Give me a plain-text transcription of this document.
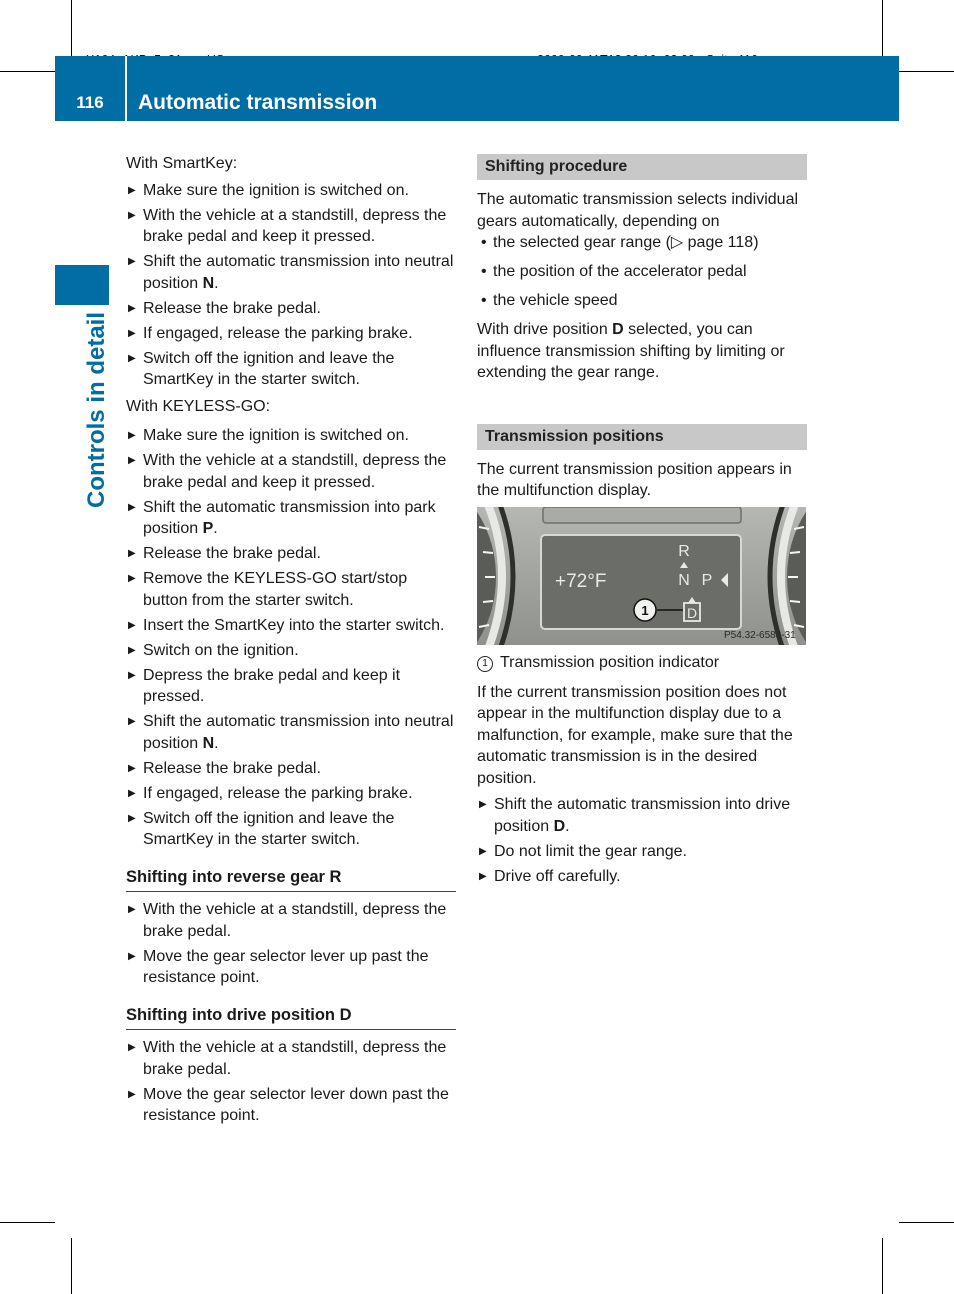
116	Automatic transmission
Controls in detail

With SmartKey:

▶ Make sure the ignition is switched on.
▶ With the vehicle at a standstill, depress the brake pedal and keep it pressed.
▶ Shift the automatic transmission into neutral position N.
▶ Release the brake pedal.
▶ If engaged, release the parking brake.
▶ Switch off the ignition and leave the SmartKey in the starter switch.

With KEYLESS-GO:

▶ Make sure the ignition is switched on.
▶ With the vehicle at a standstill, depress the brake pedal and keep it pressed.
▶ Shift the automatic transmission into park position P.
▶ Release the brake pedal.
▶ Remove the KEYLESS-GO start/stop button from the starter switch.
▶ Insert the SmartKey into the starter switch.
▶ Switch on the ignition.
▶ Depress the brake pedal and keep it pressed.
▶ Shift the automatic transmission into neutral position N.
▶ Release the brake pedal.
▶ If engaged, release the parking brake.
▶ Switch off the ignition and leave the SmartKey in the starter switch.
Shifting into reverse gear R
▶ With the vehicle at a standstill, depress the brake pedal.
▶ Move the gear selector lever up past the resistance point.
Shifting into drive position D
▶ With the vehicle at a standstill, depress the brake pedal.
▶ Move the gear selector lever down past the resistance point.
Shifting procedure

The automatic transmission selects individual gears automatically, depending on

• the selected gear range (▷ page 118)
• the position of the accelerator pedal
• the vehicle speed

With drive position D selected, you can influence transmission shifting by limiting or extending the gear range.

Transmission positions

The current transmission position appears in the multifunction display.

+72°F
R
N P
D
1
P54.32-6583-31

1 Transmission position indicator

If the current transmission position does not appear in the multifunction display due to a malfunction, for example, make sure that the automatic transmission is in the desired position.

▶ Shift the automatic transmission into drive position D.
▶ Do not limit the gear range.
▶ Drive off carefully.
